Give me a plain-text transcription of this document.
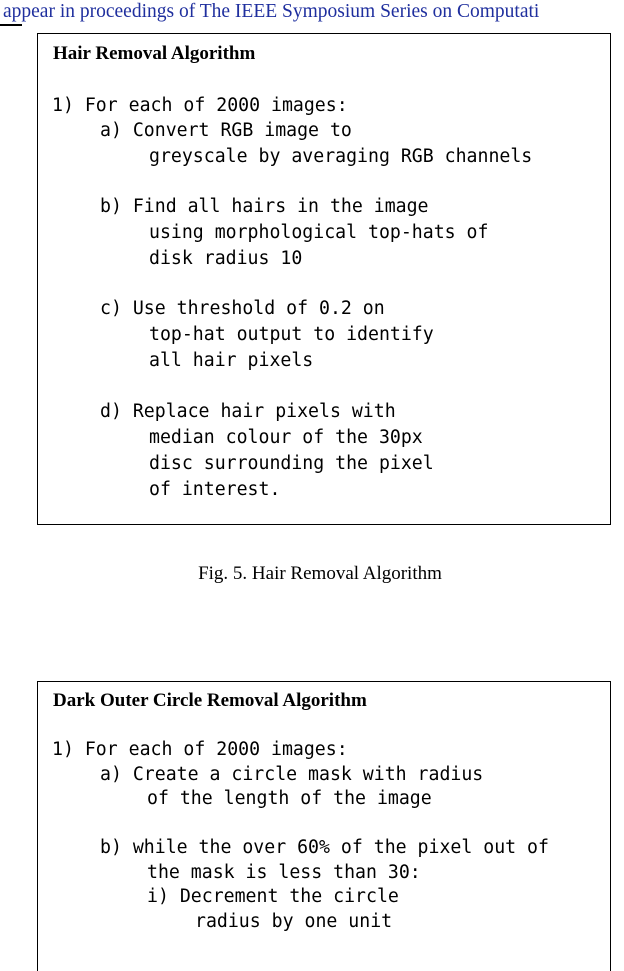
appear in proceedings of The IEEE Symposium Series on Computati
Hair Removal Algorithm
1) For each of 2000 images:
a) Convert RGB image to
greyscale by averaging RGB channels
b) Find all hairs in the image
using morphological top-hats of
disk radius 10
c) Use threshold of 0.2 on
top-hat output to identify
all hair pixels
d) Replace hair pixels with
median colour of the 30px
disc surrounding the pixel
of interest.
Fig. 5. Hair Removal Algorithm
Dark Outer Circle Removal Algorithm
1) For each of 2000 images:
a) Create a circle mask with radius
of the length of the image
b) while the over 60% of the pixel out of
the mask is less than 30:
i) Decrement the circle
radius by one unit
